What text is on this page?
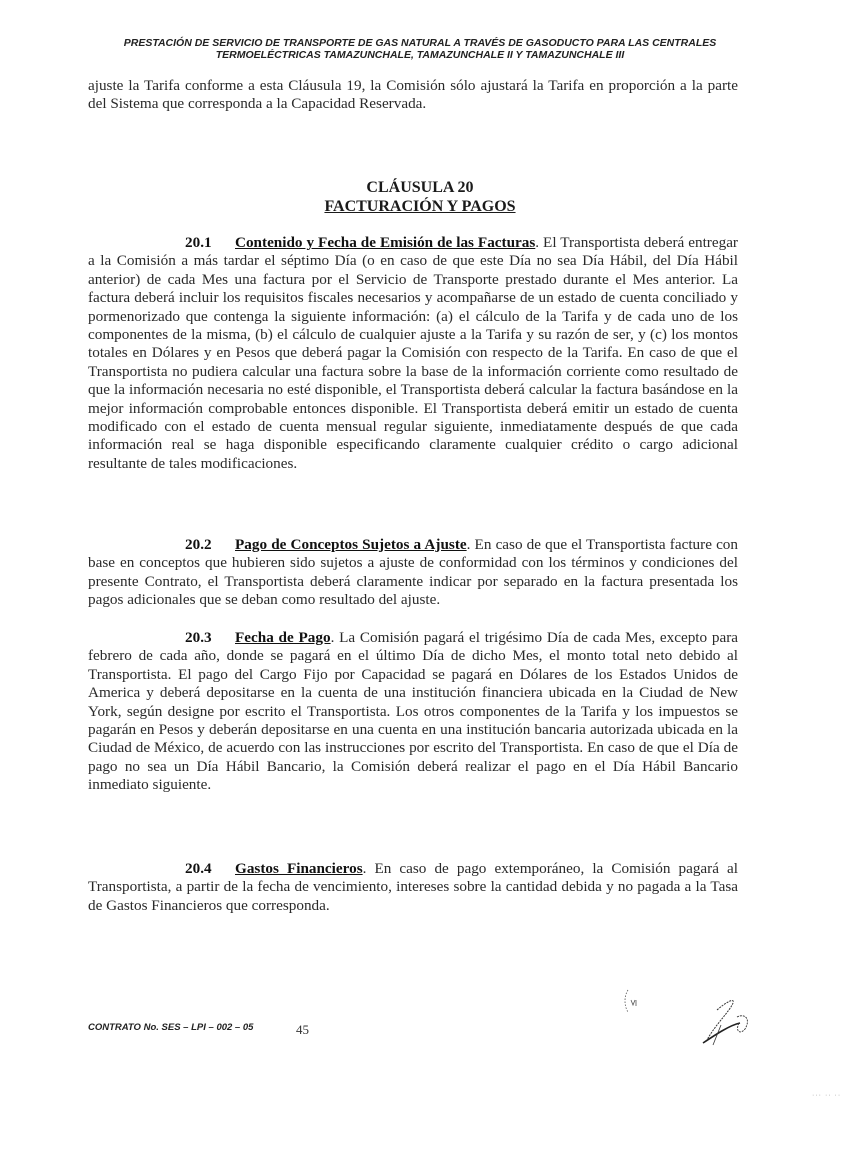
PRESTACIÓN DE SERVICIO DE TRANSPORTE DE GAS NATURAL A TRAVÉS DE GASODUCTO PARA LAS CENTRALES
TERMOELÉCTRICAS TAMAZUNCHALE, TAMAZUNCHALE II Y TAMAZUNCHALE III
ajuste la Tarifa conforme a esta Cláusula 19, la Comisión sólo ajustará la Tarifa en proporción a la parte del Sistema que corresponda a la Capacidad Reservada.
CLÁUSULA 20
FACTURACIÓN Y PAGOS
20.1 Contenido y Fecha de Emisión de las Facturas. El Transportista deberá entregar a la Comisión a más tardar el séptimo Día (o en caso de que este Día no sea Día Hábil, del Día Hábil anterior) de cada Mes una factura por el Servicio de Transporte prestado durante el Mes anterior. La factura deberá incluir los requisitos fiscales necesarios y acompañarse de un estado de cuenta conciliado y pormenorizado que contenga la siguiente información: (a) el cálculo de la Tarifa y de cada uno de los componentes de la misma, (b) el cálculo de cualquier ajuste a la Tarifa y su razón de ser, y (c) los montos totales en Dólares y en Pesos que deberá pagar la Comisión con respecto de la Tarifa. En caso de que el Transportista no pudiera calcular una factura sobre la base de la información corriente como resultado de que la información necesaria no esté disponible, el Transportista deberá calcular la factura basándose en la mejor información comprobable entonces disponible. El Transportista deberá emitir un estado de cuenta modificado con el estado de cuenta mensual regular siguiente, inmediatamente después de que cada información real se haga disponible especificando claramente cualquier crédito o cargo adicional resultante de tales modificaciones.
20.2 Pago de Conceptos Sujetos a Ajuste. En caso de que el Transportista facture con base en conceptos que hubieren sido sujetos a ajuste de conformidad con los términos y condiciones del presente Contrato, el Transportista deberá claramente indicar por separado en la factura presentada los pagos adicionales que se deban como resultado del ajuste.
20.3 Fecha de Pago. La Comisión pagará el trigésimo Día de cada Mes, excepto para febrero de cada año, donde se pagará en el último Día de dicho Mes, el monto total neto debido al Transportista. El pago del Cargo Fijo por Capacidad se pagará en Dólares de los Estados Unidos de America y deberá depositarse en la cuenta de una institución financiera ubicada en la Ciudad de New York, según designe por escrito el Transportista. Los otros componentes de la Tarifa y los impuestos se pagarán en Pesos y deberán depositarse en una cuenta en una institución bancaria autorizada ubicada en la Ciudad de México, de acuerdo con las instrucciones por escrito del Transportista. En caso de que el Día de pago no sea un Día Hábil Bancario, la Comisión deberá realizar el pago en el Día Hábil Bancario inmediato siguiente.
20.4 Gastos Financieros. En caso de pago extemporáneo, la Comisión pagará al Transportista, a partir de la fecha de vencimiento, intereses sobre la cantidad debida y no pagada a la Tasa de Gastos Financieros que corresponda.
CONTRATO No. SES – LPI – 002 – 05	45
··· ·· ··
